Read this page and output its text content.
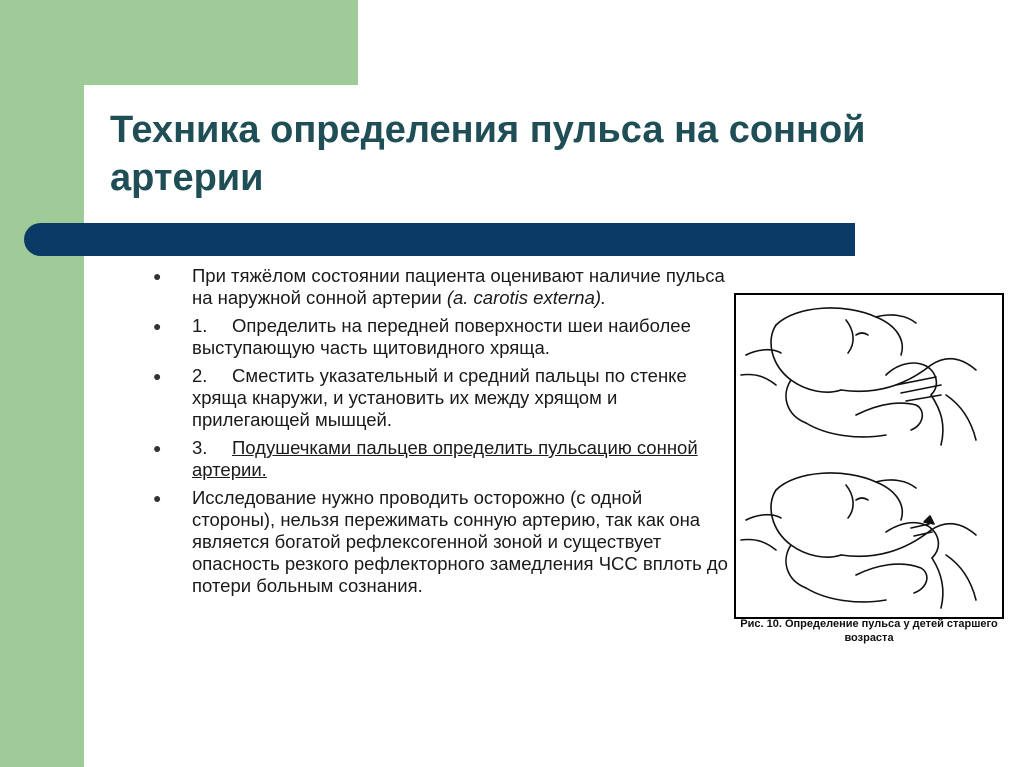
Техника определения пульса на сонной артерии
● При тяжёлом состоянии пациента оценивают наличие пульса на наружной сонной артерии (a. carotis externa).
● 1. Определить на передней поверхности шеи наиболее выступающую часть щитовидного хряща.
● 2. Сместить указательный и средний пальцы по стенке хряща кнаружи, и установить их между хрящом и прилегающей мышцей.
● 3. Подушечками пальцев определить пульсацию сонной артерии.
● Исследование нужно проводить осторожно (с одной стороны), нельзя пережимать сонную артерию, так как она является богатой рефлексогенной зоной и существует опасность резкого рефлекторного замедления ЧСС вплоть до потери больным сознания.
Рис. 10. Определение пульса у детей старшего возраста
